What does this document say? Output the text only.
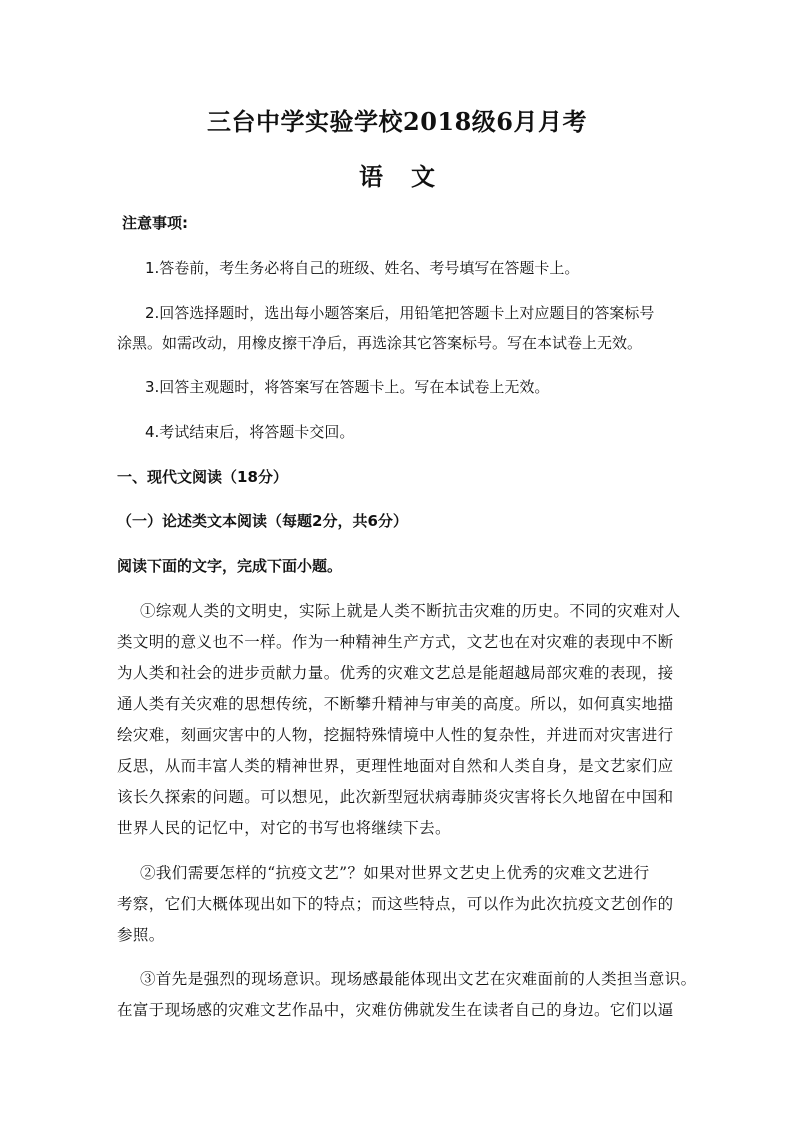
三台中学实验学校2018级6月月考
语文
注意事项:
1.答卷前，考生务必将自己的班级、姓名、考号填写在答题卡上。
2.回答选择题时，选出每小题答案后，用铅笔把答题卡上对应题目的答案标号
涂黑。如需改动，用橡皮擦干净后，再选涂其它答案标号。写在本试卷上无效。
3.回答主观题时，将答案写在答题卡上。写在本试卷上无效。
4.考试结束后，将答题卡交回。
一、现代文阅读（18分）
（一）论述类文本阅读（每题2分，共6分）
阅读下面的文字，完成下面小题。
①综观人类的文明史，实际上就是人类不断抗击灾难的历史。不同的灾难对人
类文明的意义也不一样。作为一种精神生产方式，文艺也在对灾难的表现中不断
为人类和社会的进步贡献力量。优秀的灾难文艺总是能超越局部灾难的表现，接
通人类有关灾难的思想传统，不断攀升精神与审美的高度。所以，如何真实地描
绘灾难，刻画灾害中的人物，挖掘特殊情境中人性的复杂性，并进而对灾害进行
反思，从而丰富人类的精神世界，更理性地面对自然和人类自身，是文艺家们应
该长久探索的问题。可以想见，此次新型冠状病毒肺炎灾害将长久地留在中国和
世界人民的记忆中，对它的书写也将继续下去。
②我们需要怎样的“抗疫文艺”？如果对世界文艺史上优秀的灾难文艺进行
考察，它们大概体现出如下的特点；而这些特点，可以作为此次抗疫文艺创作的
参照。
③首先是强烈的现场意识。现场感最能体现出文艺在灾难面前的人类担当意识。
在富于现场感的灾难文艺作品中，灾难仿佛就发生在读者自己的身边。它们以逼
